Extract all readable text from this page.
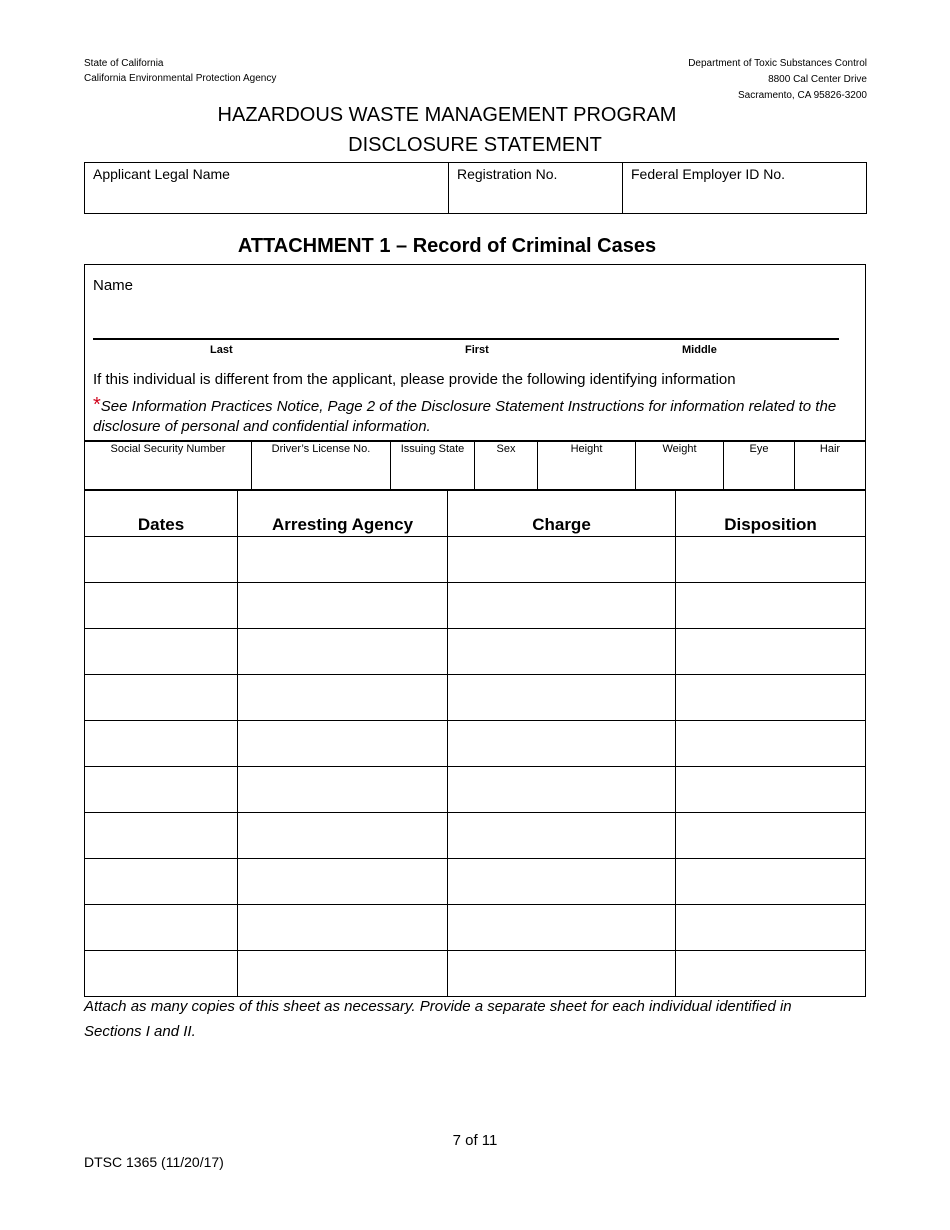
State of California
California Environmental Protection Agency
Department of Toxic Substances Control
8800 Cal Center Drive
Sacramento, CA 95826-3200
HAZARDOUS WASTE MANAGEMENT PROGRAM
DISCLOSURE STATEMENT
Applicant Legal Name	Registration No.	Federal Employer ID No.
ATTACHMENT 1 – Record of Criminal Cases
Name
Last	First	Middle
If this individual is different from the applicant, please provide the following identifying information
*See Information Practices Notice, Page 2 of the Disclosure Statement Instructions for information related to the disclosure of personal and confidential information.
Social Security Number	Driver’s License No.	Issuing State	Sex	Height	Weight	Eye	Hair
Dates	Arresting Agency	Charge	Disposition

Attach as many copies of this sheet as necessary. Provide a separate sheet for each individual identified in Sections I and II.
7 of 11
DTSC 1365 (11/20/17)
